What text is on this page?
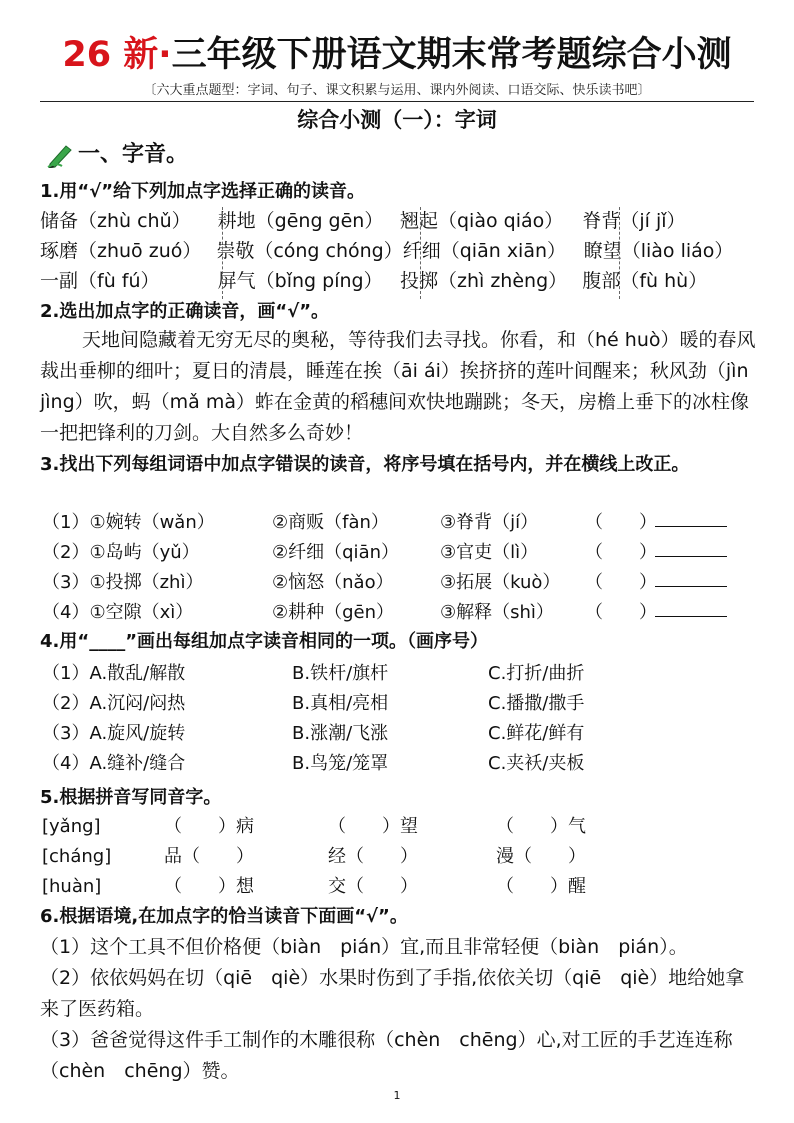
26 新·三年级下册语文期末常考题综合小测
〔六大重点题型：字词、句子、课文积累与运用、课内外阅读、口语交际、快乐读书吧〕
综合小测（一）：字词
一、字音。
1.用“√”给下列加点字选择正确的读音。
储备（zhù chǔ）	耕地（gēng gēn） 翘起（qiào qiáo）	脊背（jí jǐ）
琢磨（zhuō zuó） 崇敬（cóng chóng） 纤细（qiān xiān） 瞭望（liào liáo）
一副（fù fú）	屏气（bǐng píng） 投掷（zhì zhèng） 腹部（fù hù）
2.选出加点字的正确读音，画“√”。
天地间隐藏着无穷无尽的奥秘，等待我们去寻找。你看，和（hé huò）暖的春风裁出垂柳的细叶；夏日的清晨，睡莲在挨（āi ái）挨挤挤的莲叶间醒来；秋风劲（jìn jìng）吹，蚂（mǎ mà）蚱在金黄的稻穗间欢快地蹦跳；冬天，房檐上垂下的冰柱像一把把锋利的刀剑。大自然多么奇妙！
3.找出下列每组词语中加点字错误的读音，将序号填在括号内，并在横线上改正。
（1）①婉转（wǎn）	②商贩（fàn）	③脊背（jí）	（　　）
（2）①岛屿（yǔ）	②纤细（qiān）	③官吏（lì）	（　　）
（3）①投掷（zhì）	②恼怒（nǎo）	③拓展（kuò）	（　　）
（4）①空隙（xì）	②耕种（gēn）	③解释（shì）	（　　）
4.用“____”画出每组加点字读音相同的一项。（画序号）
（1）A.散乱/解散	B.铁杆/旗杆	C.打折/曲折
（2）A.沉闷/闷热	B.真相/亮相	C.播撒/撒手
（3）A.旋风/旋转	B.涨潮/飞涨	C.鲜花/鲜有
（4）A.缝补/缝合	B.鸟笼/笼罩	C.夹袄/夹板
5.根据拼音写同音字。
[yǎng]	（　　）病	（　　）望	（　　）气
[cháng]	品（　　）	经（　　）	漫（　　）
[huàn]	（　　）想	交（　　）	（　　）醒
6.根据语境,在加点字的恰当读音下面画“√”。

（1）这个工具不但价格便（biàn　pián）宜,而且非常轻便（biàn　pián）。

（2）依依妈妈在切（qiē　qiè）水果时伤到了手指,依依关切（qiē　qiè）地给她拿来了医药箱。

（3）爸爸觉得这件手工制作的木雕很称（chèn　chēng）心,对工匠的手艺连连称（chèn　chēng）赞。

1
